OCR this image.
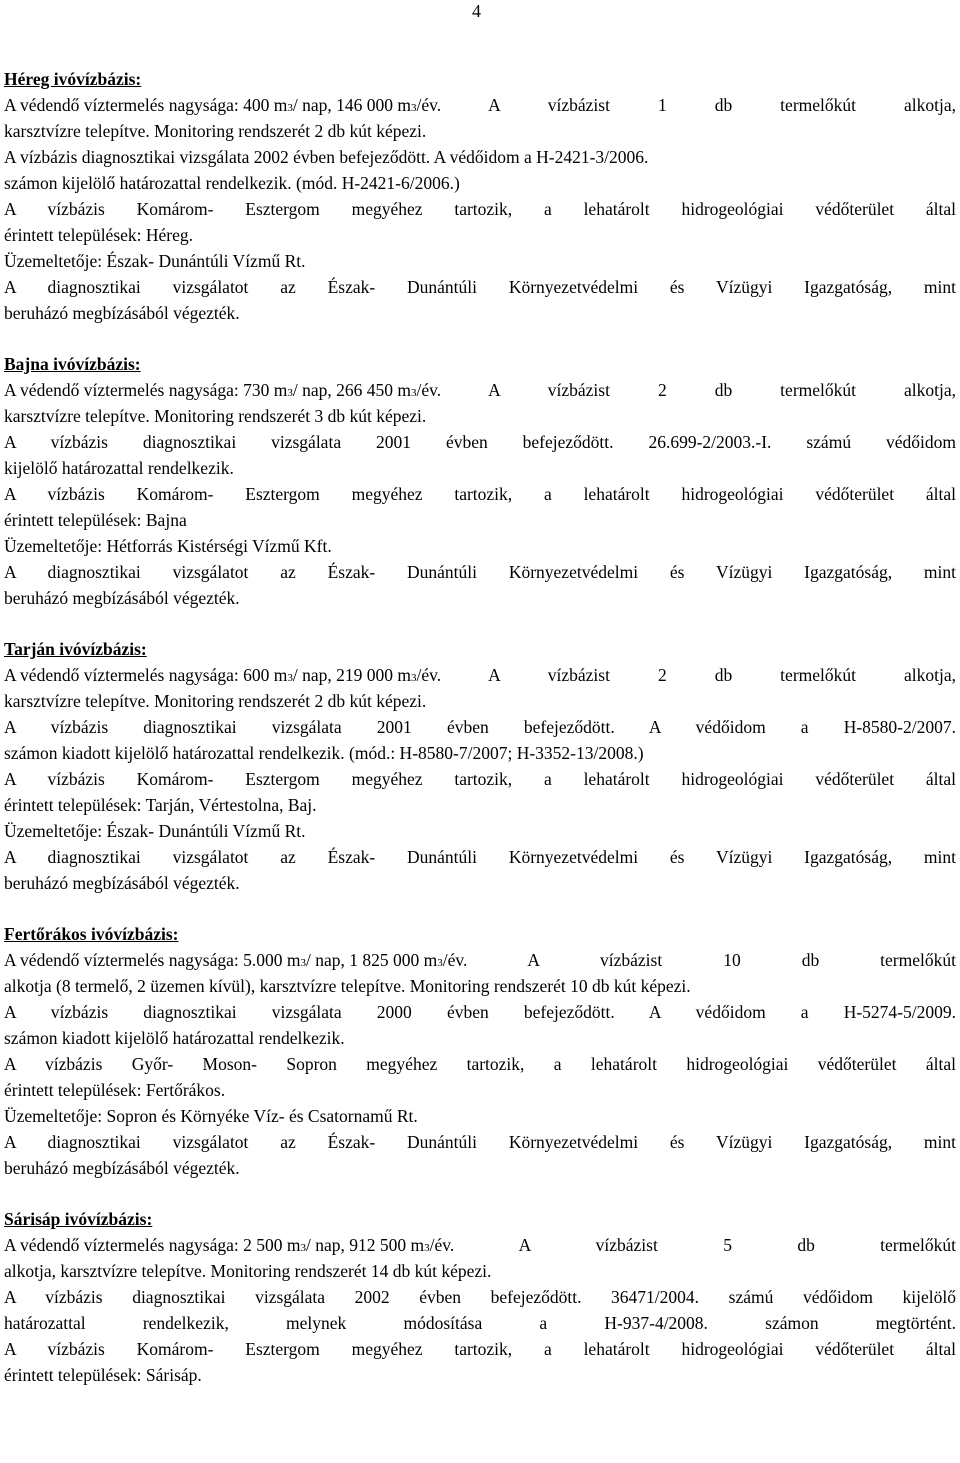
4
Héreg ivóvízbázis:
A védendő víztermelés nagysága: 400 m 3 / nap, 146 000 m 3 /év. A vízbázist 1 db termelőkút alkotja,
karsztvízre telepítve. Monitoring rendszerét 2 db kút képezi.
A vízbázis diagnosztikai vizsgálata 2002 évben befejeződött. A védőidom a H-2421-3/2006.
számon kijelölő határozattal rendelkezik. (mód. H-2421-6/2006.)
A vízbázis Komárom- Esztergom megyéhez tartozik, a lehatárolt hidrogeológiai védőterület által
érintett települések: Héreg.
Üzemeltetője: Észak- Dunántúli Vízmű Rt.
A diagnosztikai vizsgálatot az Észak- Dunántúli Környezetvédelmi és Vízügyi Igazgatóság, mint
beruházó megbízásából végezték.
Bajna ivóvízbázis:
A védendő víztermelés nagysága: 730 m 3 / nap, 266 450 m 3 /év. A vízbázist 2 db termelőkút alkotja,
karsztvízre telepítve. Monitoring rendszerét 3 db kút képezi.
A vízbázis diagnosztikai vizsgálata 2001 évben befejeződött. 26.699-2/2003.-I. számú védőidom
kijelölő határozattal rendelkezik.
A vízbázis Komárom- Esztergom megyéhez tartozik, a lehatárolt hidrogeológiai védőterület által
érintett települések: Bajna
Üzemeltetője: Hétforrás Kistérségi Vízmű Kft.
A diagnosztikai vizsgálatot az Észak- Dunántúli Környezetvédelmi és Vízügyi Igazgatóság, mint
beruházó megbízásából végezték.
Tarján ivóvízbázis:
A védendő víztermelés nagysága: 600 m 3 / nap, 219 000 m 3 /év. A vízbázist 2 db termelőkút alkotja,
karsztvízre telepítve. Monitoring rendszerét 2 db kút képezi.
A vízbázis diagnosztikai vizsgálata 2001 évben befejeződött. A védőidom a H-8580-2/2007.
számon kiadott kijelölő határozattal rendelkezik. (mód.: H-8580-7/2007; H-3352-13/2008.)
A vízbázis Komárom- Esztergom megyéhez tartozik, a lehatárolt hidrogeológiai védőterület által
érintett települések: Tarján, Vértestolna, Baj.
Üzemeltetője: Észak- Dunántúli Vízmű Rt.
A diagnosztikai vizsgálatot az Észak- Dunántúli Környezetvédelmi és Vízügyi Igazgatóság, mint
beruházó megbízásából végezték.
Fertőrákos ivóvízbázis:
A védendő víztermelés nagysága: 5.000 m 3 / nap, 1 825 000 m 3 /év. A vízbázist 10 db termelőkút
alkotja (8 termelő, 2 üzemen kívül), karsztvízre telepítve. Monitoring rendszerét 10 db kút képezi.
A vízbázis diagnosztikai vizsgálata 2000 évben befejeződött. A védőidom a H-5274-5/2009.
számon kiadott kijelölő határozattal rendelkezik.
A vízbázis Győr- Moson- Sopron megyéhez tartozik, a lehatárolt hidrogeológiai védőterület által
érintett települések: Fertőrákos.
Üzemeltetője: Sopron és Környéke Víz- és Csatornamű Rt.
A diagnosztikai vizsgálatot az Észak- Dunántúli Környezetvédelmi és Vízügyi Igazgatóság, mint
beruházó megbízásából végezték.
Sárisáp ivóvízbázis:
A védendő víztermelés nagysága: 2 500 m 3 / nap, 912 500 m 3 /év. A vízbázist 5 db termelőkút
alkotja, karsztvízre telepítve. Monitoring rendszerét 14 db kút képezi.
A vízbázis diagnosztikai vizsgálata 2002 évben befejeződött. 36471/2004. számú védőidom kijelölő
határozattal rendelkezik, melynek módosítása a H-937-4/2008. számon megtörtént.
A vízbázis Komárom- Esztergom megyéhez tartozik, a lehatárolt hidrogeológiai védőterület által
érintett települések: Sárisáp.
